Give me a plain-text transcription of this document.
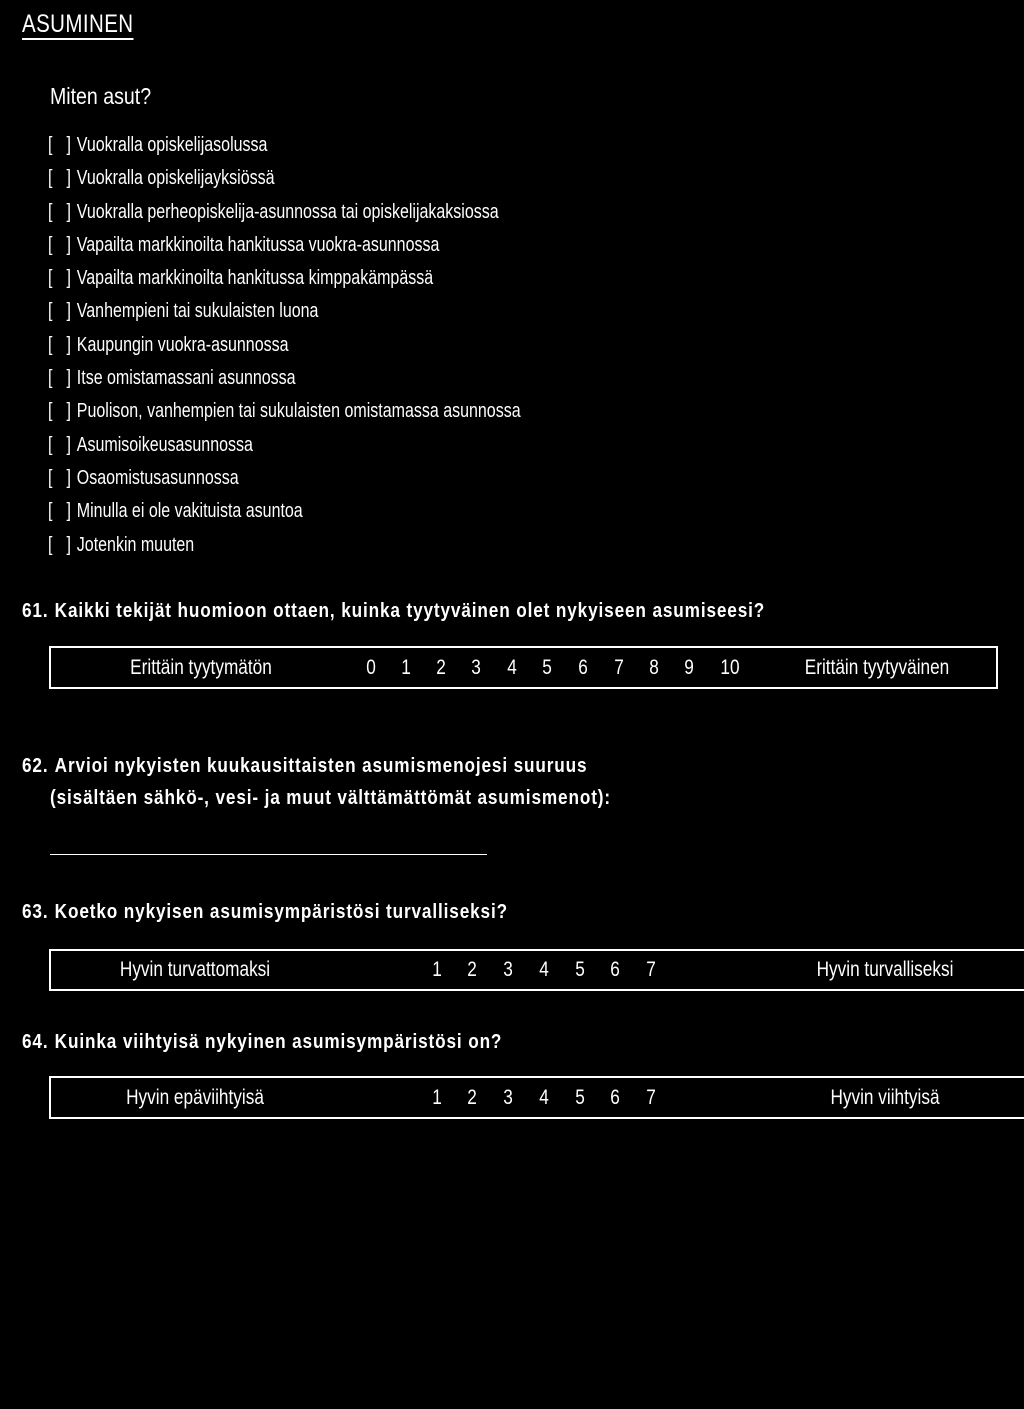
ASUMINEN
Miten asut?
[ ]Vuokralla opiskelijasolussa
[ ]Vuokralla opiskelijayksiössä
[ ]Vuokralla perheopiskelija-asunnossa tai opiskelijakaksiossa
[ ]Vapailta markkinoilta hankitussa vuokra-asunnossa
[ ]Vapailta markkinoilta hankitussa kimppakämpässä
[ ]Vanhempieni tai sukulaisten luona
[ ]Kaupungin vuokra-asunnossa
[ ]Itse omistamassani asunnossa
[ ]Puolison, vanhempien tai sukulaisten omistamassa asunnossa
[ ]Asumisoikeusasunnossa
[ ]Osaomistusasunnossa
[ ]Minulla ei ole vakituista asuntoa
[ ]Jotenkin muuten
61. Kaikki tekijät huomioon ottaen, kuinka tyytyväinen olet nykyiseen asumiseesi?
Erittäin tyytymätön	0 1 2 3 4 5 6 7 8 9 10	Erittäin tyytyväinen
62. Arvioi nykyisten kuukausittaisten asumismenojesi suuruus
(sisältäen sähkö-, vesi- ja muut välttämättömät asumismenot):
63. Koetko nykyisen asumisympäristösi turvalliseksi?
Hyvin turvattomaksi	1 2 3 4 5 6 7	Hyvin turvalliseksi
64. Kuinka viihtyisä nykyinen asumisympäristösi on?
Hyvin epäviihtyisä	1 2 3 4 5 6 7	Hyvin viihtyisä
